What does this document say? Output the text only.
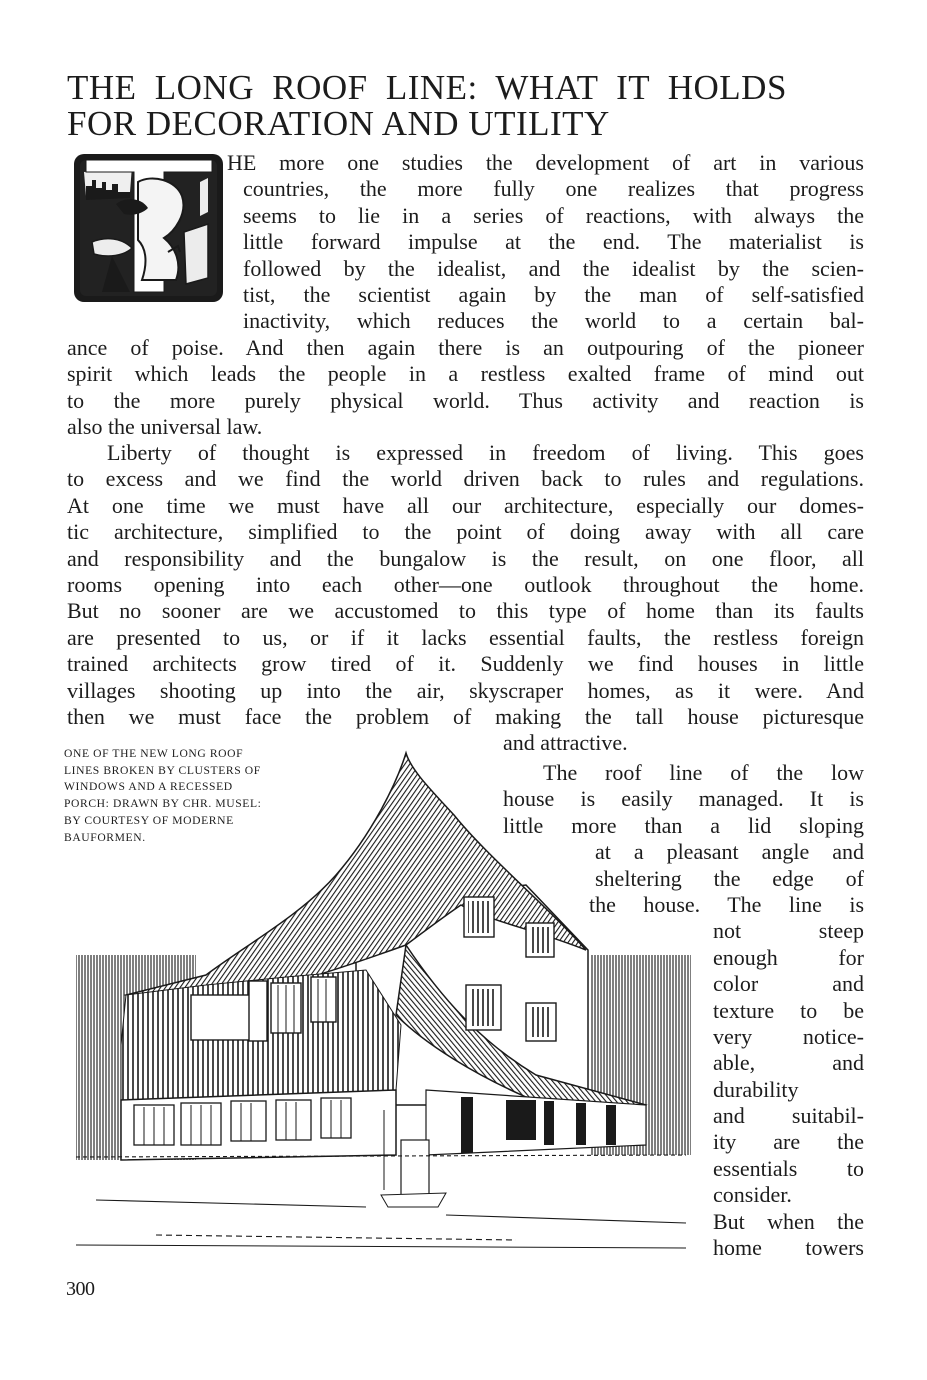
THE LONG ROOF LINE: WHAT IT HOLDS
FOR DECORATION AND UTILITY
HE more one studies the development of art in various
countries, the more fully one realizes that progress
seems to lie in a series of reactions, with always the
little forward impulse at the end. The materialist is
followed by the idealist, and the idealist by the scien-
tist, the scientist again by the man of self-satisfied
inactivity, which reduces the world to a certain bal-
ance of poise. And then again there is an outpouring of the pioneer
spirit which leads the people in a restless exalted frame of mind out
to the more purely physical world. Thus activity and reaction is
also the universal law.
Liberty of thought is expressed in freedom of living. This goes
to excess and we find the world driven back to rules and regulations.
At one time we must have all our architecture, especially our domes-
tic architecture, simplified to the point of doing away with all care
and responsibility and the bungalow is the result, on one floor, all
rooms opening into each other—one outlook throughout the home.
But no sooner are we accustomed to this type of home than its faults
are presented to us, or if it lacks essential faults, the restless foreign
trained architects grow tired of it. Suddenly we find houses in little
villages shooting up into the air, skyscraper homes, as it were. And
then we must face the problem of making the tall house picturesque
and attractive.
The roof line of the low
house is easily managed. It is
little more than a lid sloping
at a pleasant angle and
sheltering the edge of
the house. The line is
not steep
enough for
color and
texture to be
very notice-
able, and
durability
and suitabil-
ity are the
essentials to
consider.
But when the
home towers
ONE OF THE NEW LONG ROOF
LINES BROKEN BY CLUSTERS OF
WINDOWS AND A RECESSED
PORCH: DRAWN BY CHR. MUSEL:
BY COURTESY OF MODERNE
BAUFORMEN.
300
